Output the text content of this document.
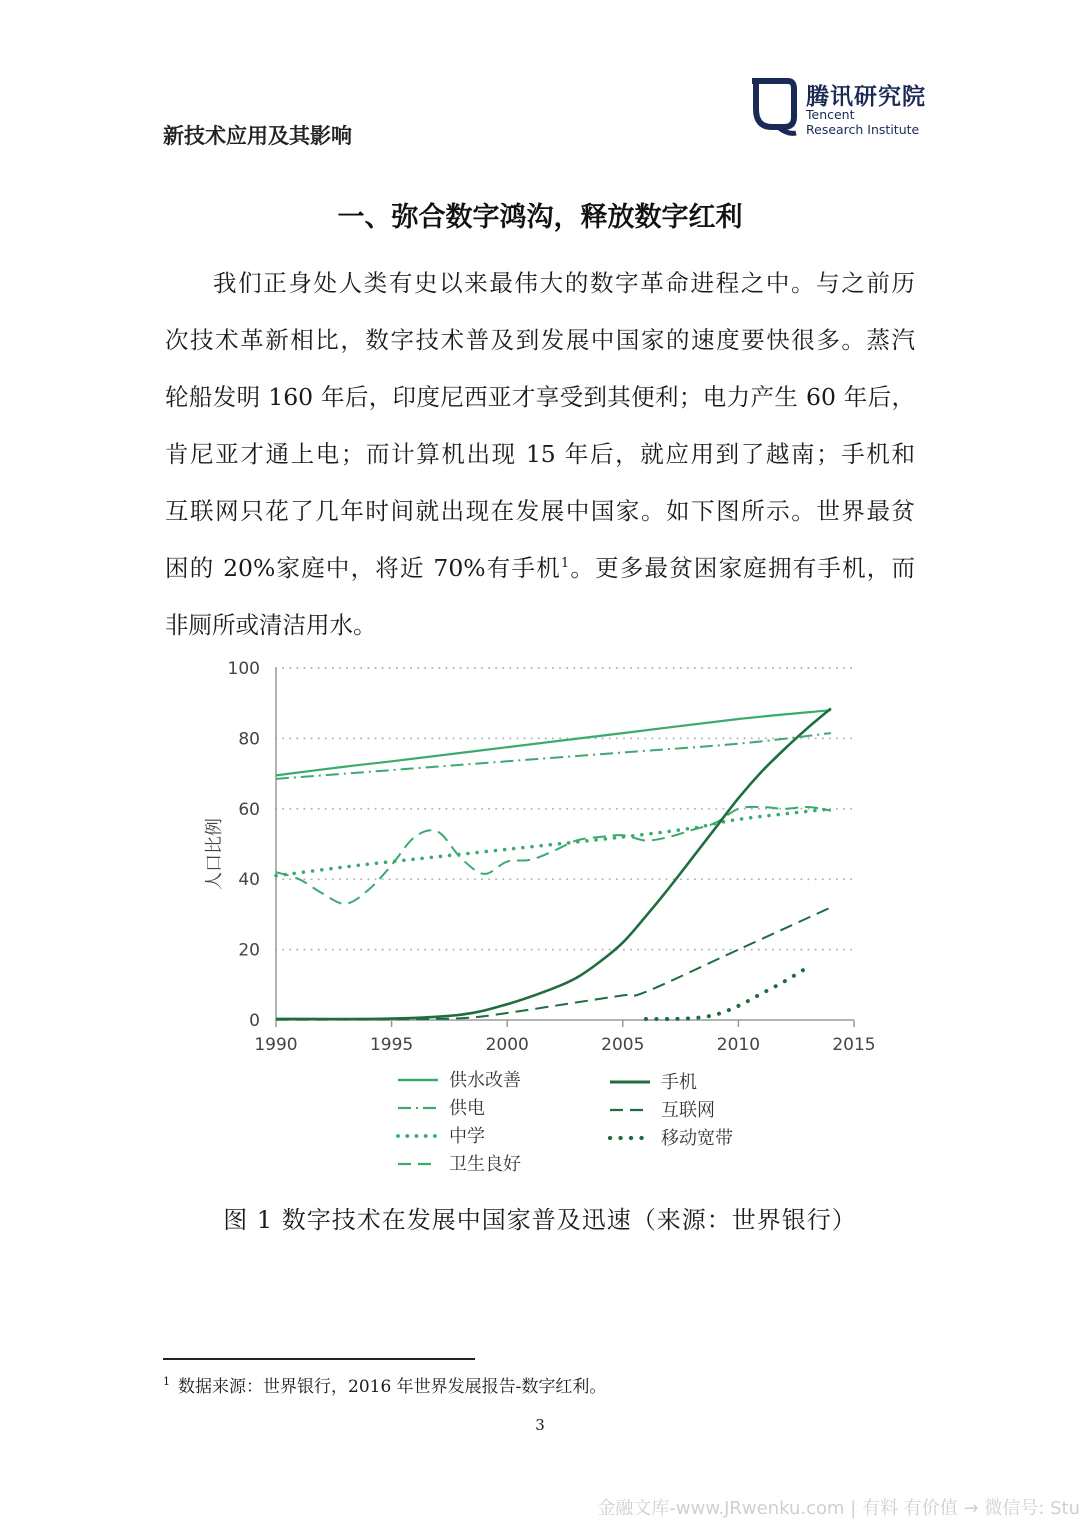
新技术应用及其影响
腾讯研究院
Tencent
Research Institute
一、弥合数字鸿沟，释放数字红利
我们正身处人类有史以来最伟大的数字革命进程之中。与之前历
次技术革新相比，数字技术普及到发展中国家的速度要快很多。蒸汽
轮船发明 160 年后，印度尼西亚才享受到其便利；电力产生 60 年后，
肯尼亚才通上电；而计算机出现 15 年后，就应用到了越南；手机和
互联网只花了几年时间就出现在发展中国家。如下图所示。世界最贫
困的 20%家庭中，将近 70%有手机$^1$。更多最贫困家庭拥有手机，而
非厕所或清洁用水。
0
20
40
60
80
100
1990	1995	2000	2005	2010	2015
人口比例
供水改善
供电
中学
卫生良好
手机
互联网
移动宽带
图 1 数字技术在发展中国家普及迅速（来源：世界银行）
$^1$ 数据来源：世界银行，2016 年世界发展报告-数字红利。
3
金融文库-www.JRwenku.com | 有料 有价值 → 微信号: Stu
